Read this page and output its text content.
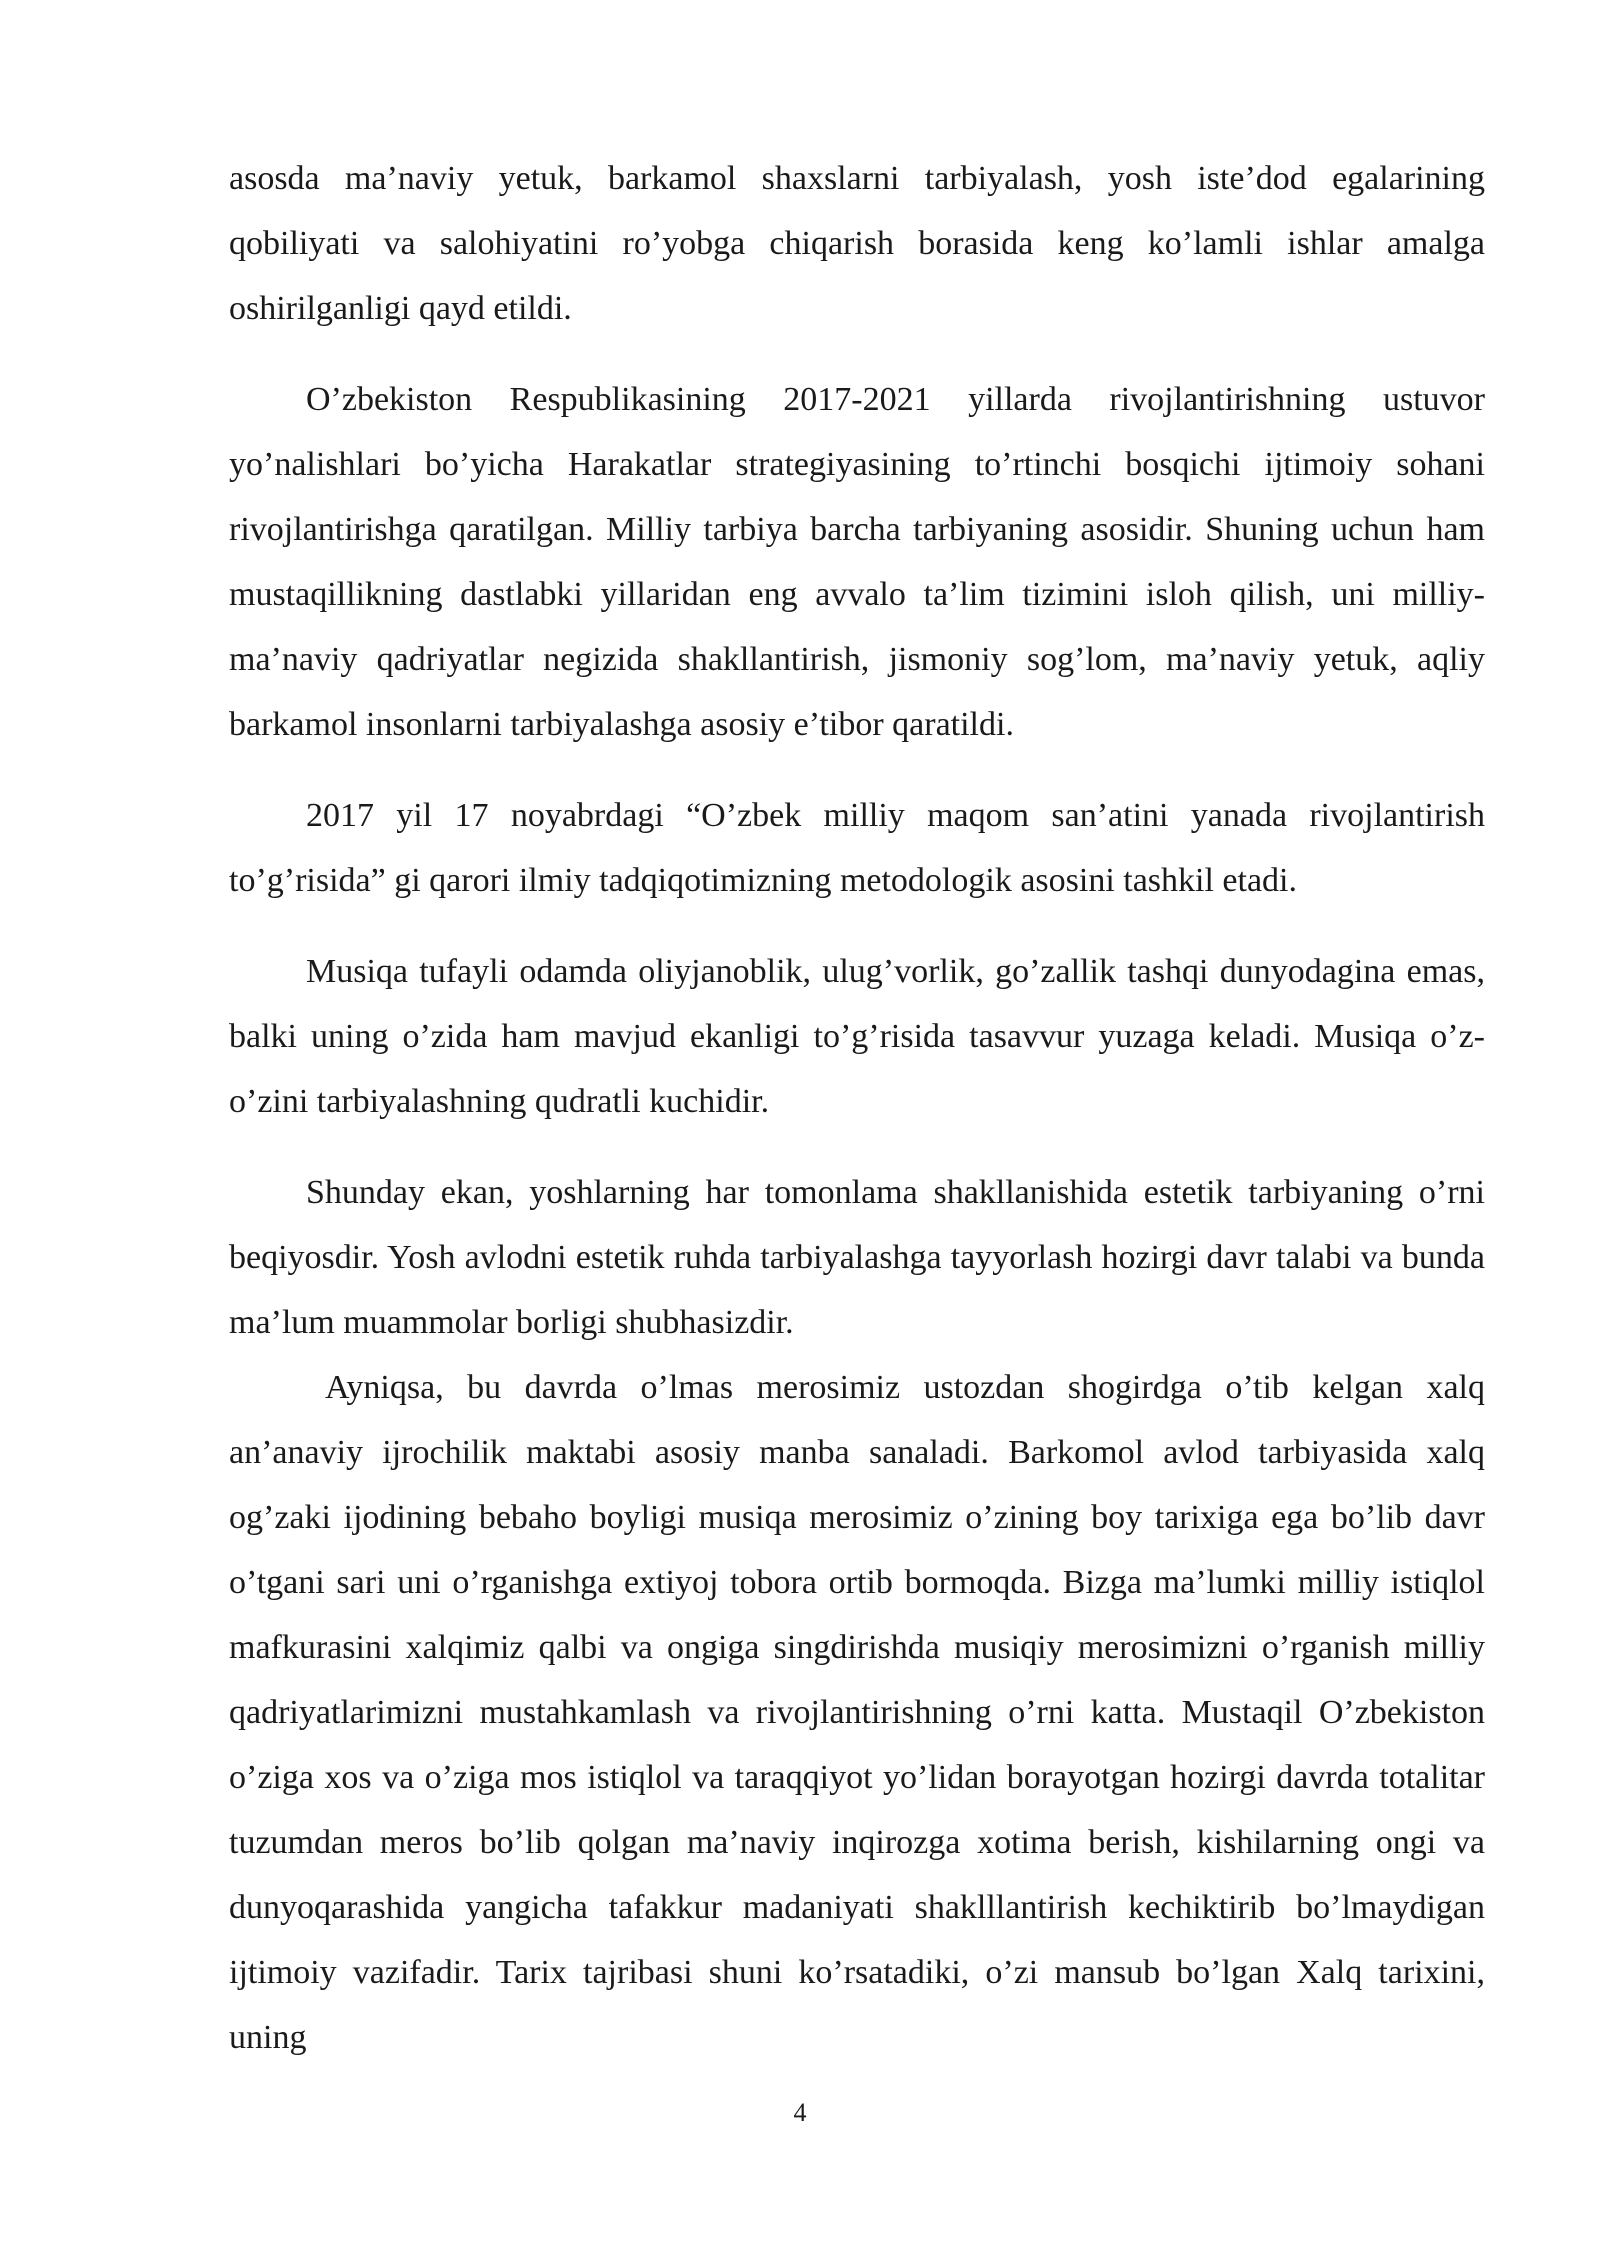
asosda ma’naviy yetuk, barkamol shaxslarni tarbiyalash, yosh iste’dod egalarining qobiliyati va salohiyatini ro’yobga chiqarish borasida keng ko’lamli ishlar amalga oshirilganligi qayd etildi.

O’zbekiston Respublikasining 2017-2021 yillarda rivojlantirishning ustuvor yo’nalishlari bo’yicha Harakatlar strategiyasining to’rtinchi bosqichi ijtimoiy sohani rivojlantirishga qaratilgan. Milliy tarbiya barcha tarbiyaning asosidir. Shuning uchun ham mustaqillikning dastlabki yillaridan eng avvalo ta’lim tizimini isloh qilish, uni milliy-ma’naviy qadriyatlar negizida shakllantirish, jismoniy sog’lom, ma’naviy yetuk, aqliy barkamol insonlarni tarbiyalashga asosiy e’tibor qaratildi.

2017 yil 17 noyabrdagi “O’zbek milliy maqom san’atini yanada rivojlantirish to’g’risida” gi qarori ilmiy tadqiqotimizning metodologik asosini tashkil etadi.

Musiqa tufayli odamda oliyjanoblik, ulug’vorlik, go’zallik tashqi dunyodagina emas, balki uning o’zida ham mavjud ekanligi to’g’risida tasavvur yuzaga keladi. Musiqa o’z-o’zini tarbiyalashning qudratli kuchidir.

Shunday ekan, yoshlarning har tomonlama shakllanishida estetik tarbiyaning o’rni beqiyosdir. Yosh avlodni estetik ruhda tarbiyalashga tayyorlash hozirgi davr talabi va bunda ma’lum muammolar borligi shubhasizdir.

Ayniqsa, bu davrda o’lmas merosimiz ustozdan shogirdga o’tib kelgan xalq an’anaviy ijrochilik maktabi asosiy manba sanaladi. Barkomol avlod tarbiyasida xalq og’zaki ijodining bebaho boyligi musiqa merosimiz o’zining boy tarixiga ega bo’lib davr o’tgani sari uni o’rganishga extiyoj tobora ortib bormoqda. Bizga ma’lumki milliy istiqlol mafkurasini xalqimiz qalbi va ongiga singdirishda musiqiy merosimizni o’rganish milliy qadriyatlarimizni mustahkamlash va rivojlantirishning o’rni katta. Mustaqil O’zbekiston o’ziga xos va o’ziga mos istiqlol va taraqqiyot yo’lidan borayotgan hozirgi davrda totalitar tuzumdan meros bo’lib qolgan ma’naviy inqirozga xotima berish, kishilarning ongi va dunyoqarashida yangicha tafakkur madaniyati shaklllantirish kechiktirib bo’lmaydigan ijtimoiy vazifadir. Tarix tajribasi shuni ko’rsatadiki, o’zi mansub bo’lgan Xalq tarixini, uning

4
